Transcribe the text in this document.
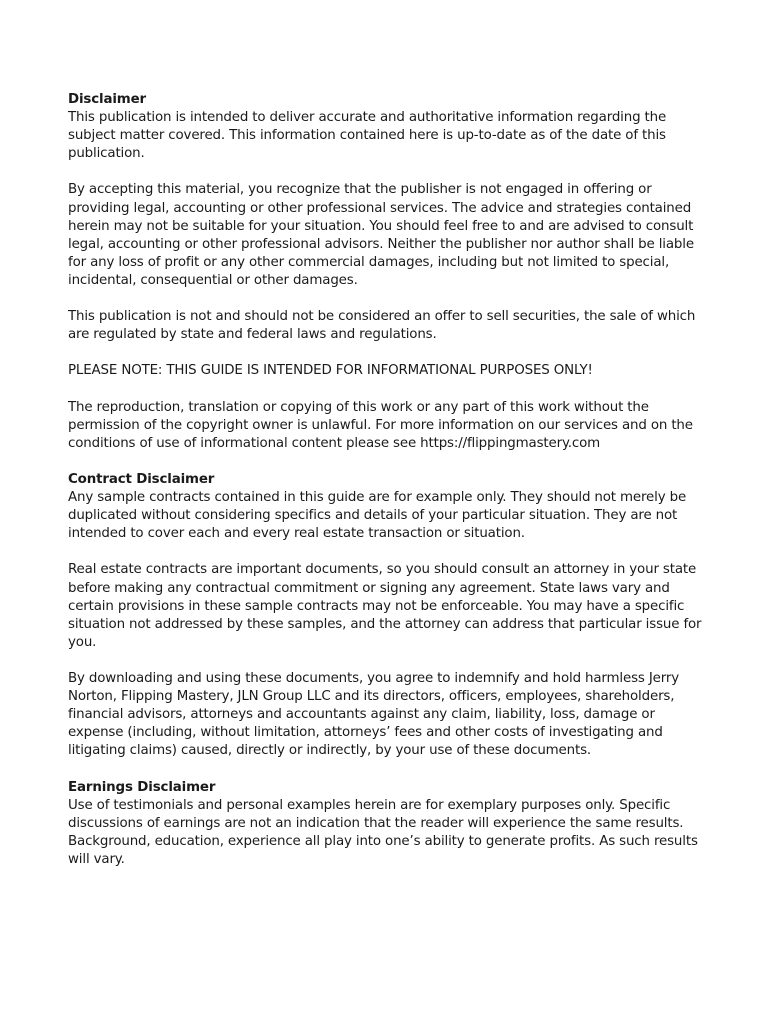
Disclaimer

This publication is intended to deliver accurate and authoritative information regarding the subject matter covered. This information contained here is up-to-date as of the date of this publication.

By accepting this material, you recognize that the publisher is not engaged in offering or providing legal, accounting or other professional services. The advice and strategies contained herein may not be suitable for your situation. You should feel free to and are advised to consult legal, accounting or other professional advisors. Neither the publisher nor author shall be liable for any loss of profit or any other commercial damages, including but not limited to special, incidental, consequential or other damages.

This publication is not and should not be considered an offer to sell securities, the sale of which are regulated by state and federal laws and regulations.

PLEASE NOTE: THIS GUIDE IS INTENDED FOR INFORMATIONAL PURPOSES ONLY!

The reproduction, translation or copying of this work or any part of this work without the permission of the copyright owner is unlawful. For more information on our services and on the conditions of use of informational content please see https://flippingmastery.com

Contract Disclaimer

Any sample contracts contained in this guide are for example only. They should not merely be duplicated without considering specifics and details of your particular situation. They are not intended to cover each and every real estate transaction or situation.

Real estate contracts are important documents, so you should consult an attorney in your state before making any contractual commitment or signing any agreement. State laws vary and certain provisions in these sample contracts may not be enforceable. You may have a specific situation not addressed by these samples, and the attorney can address that particular issue for you.

By downloading and using these documents, you agree to indemnify and hold harmless Jerry Norton, Flipping Mastery, JLN Group LLC and its directors, officers, employees, shareholders, financial advisors, attorneys and accountants against any claim, liability, loss, damage or expense (including, without limitation, attorneys’ fees and other costs of investigating and litigating claims) caused, directly or indirectly, by your use of these documents.

Earnings Disclaimer

Use of testimonials and personal examples herein are for exemplary purposes only. Specific discussions of earnings are not an indication that the reader will experience the same results. Background, education, experience all play into one’s ability to generate profits. As such results will vary.
